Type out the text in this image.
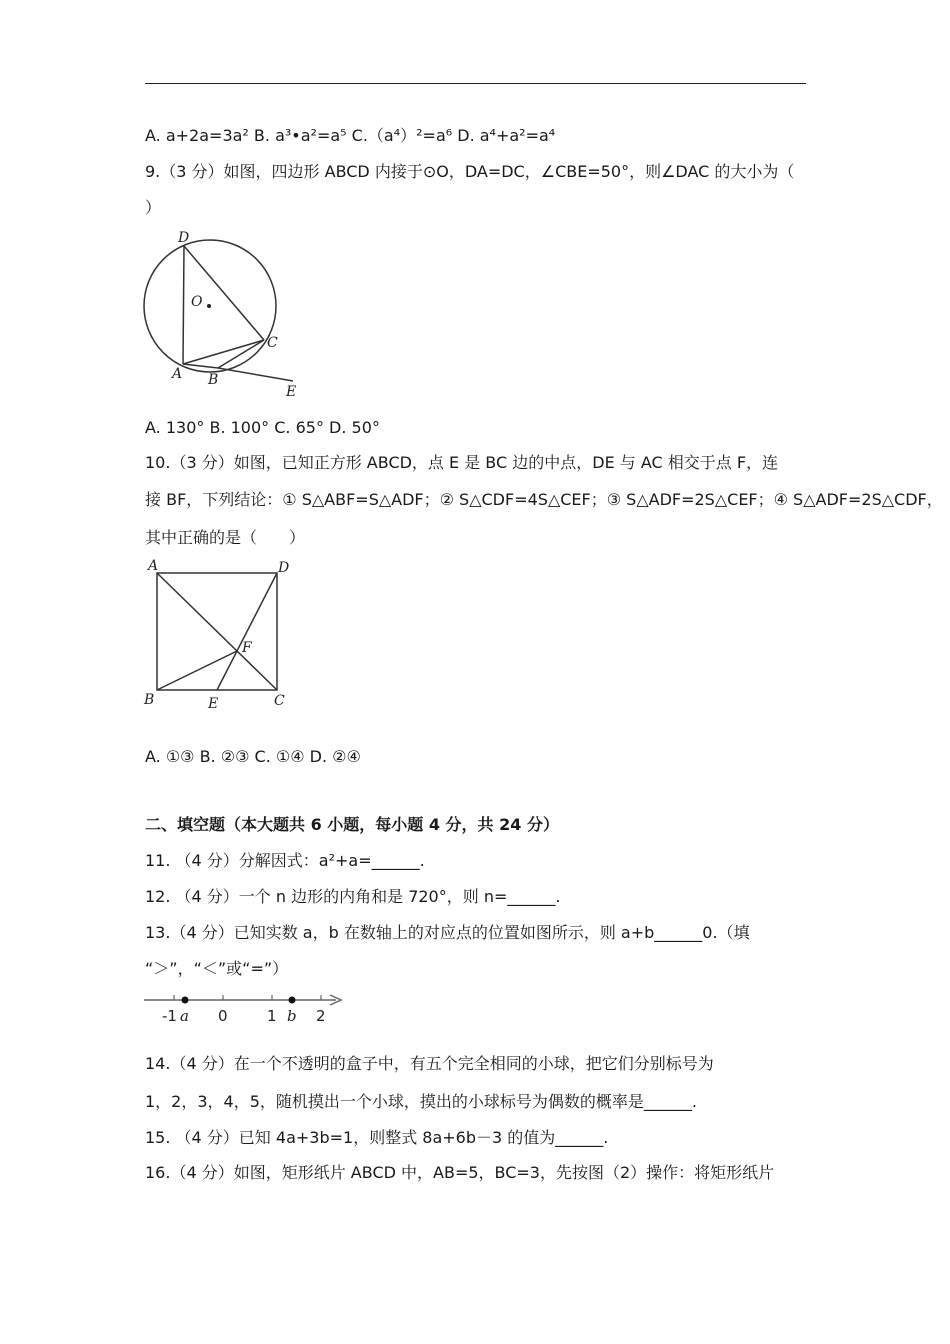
A. a+2a=3a² B. a³•a²=a⁵ C.（a⁴）²=a⁶ D. a⁴+a²=a⁴
9.（3 分）如图，四边形 ABCD 内接于⊙O，DA=DC，∠CBE=50°，则∠DAC 的大小为（
）
D
O
C
A B
E
A. 130° B. 100° C. 65° D. 50°
10.（3 分）如图，已知正方形 ABCD，点 E 是 BC 边的中点，DE 与 AC 相交于点 F，连
接 BF，下列结论：① S△ABF=S△ADF；② S△CDF=4S△CEF；③ S△ADF=2S△CEF；④ S△ADF=2S△CDF，
其中正确的是（　　）
A	D
F
B	E	C
A. ①③ B. ②③ C. ①④ D. ②④
二、填空题（本大题共 6 小题，每小题 4 分，共 24 分）
11. （4 分）分解因式：a²+a=______.
12. （4 分）一个 n 边形的内角和是 720°，则 n=______.
13.（4 分）已知实数 a，b 在数轴上的对应点的位置如图所示，则 a+b______0.（填
“＞”，“＜”或“=”）
-1 a 0	1 b 2
14.（4 分）在一个不透明的盒子中，有五个完全相同的小球，把它们分别标号为
1，2，3，4，5，随机摸出一个小球，摸出的小球标号为偶数的概率是______.
15. （4 分）已知 4a+3b=1，则整式 8a+6b－3 的值为______.
16.（4 分）如图，矩形纸片 ABCD 中，AB=5，BC=3，先按图（2）操作：将矩形纸片
